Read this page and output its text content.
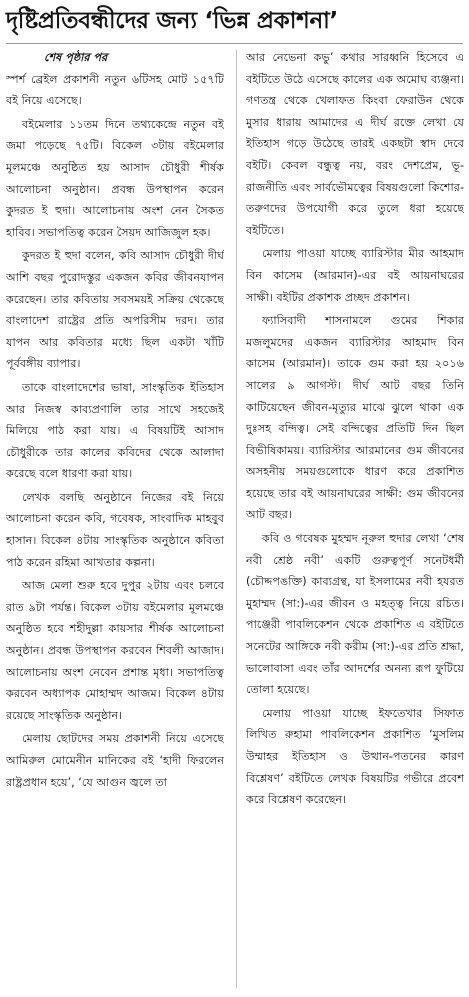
দৃষ্টিপ্রতিবন্ধীদের জন্য ‘ভিন্ন প্রকাশনা’
শেষ পৃষ্ঠার পর

স্পর্শ ব্রেইল প্রকাশনী নতুন ৬টিসহ মোট ১৫৭টি বই নিয়ে এসেছে।

বইমেলার ১১তম দিনে তথ্যকেন্দ্রে নতুন বই জমা পড়েছে ৭৫টি। বিকেল ৩টায় বইমেলার মূলমঞ্চে অনুষ্ঠিত হয় আসাদ চৌধুরী শীর্ষক আলোচনা অনুষ্ঠান। প্রবন্ধ উপস্থাপন করেন কুদরত ই হুদা। আলোচনায় অংশ নেন সৈকত হাবিব। সভাপতিত্ব করেন সৈয়দ আজিজুল হক।

কুদরত ই হুদা বলেন, কবি আসাদ চৌধুরী দীর্ঘ আশি বছর পুরোদস্তুর একজন কবির জীবনযাপন করেছেন। তার কবিতায় সবসময়ই সক্রিয় থেকেছে বাংলাদেশ রাষ্ট্রের প্রতি অপরিসীম দরদ। তার যাপন আর কবিতার মধ্যে ছিল একটা খাঁটি পূর্ববঙ্গীয় ব্যাপার।

তাকে বাংলাদেশের ভাষা, সাংস্কৃতিক ইতিহাস আর নিজস্ব কাব্যপ্রণালি তার সাথে সহজেই মিলিয়ে পাঠ করা যায়। এ বিষয়টিই আসাদ চৌধুরীকে তার কালের কবিদের থেকে আলাদা করেছে বলে ধারণা করা যায়।

লেখক বলছি অনুষ্ঠানে নিজের বই নিয়ে আলোচনা করেন কবি, গবেষক, সাংবাদিক মাহবুব হাসান। বিকেল ৪টায় সাংস্কৃতিক অনুষ্ঠানে কবিতা পাঠ করেন রহিমা আখতার কল্পনা।

আজ মেলা শুরু হবে দুপুর ২টায় এবং চলবে রাত ৯টা পর্যন্ত। বিকেল ৩টায় বইমেলার মূলমঞ্চে অনুষ্ঠিত হবে শহীদুল্লা কায়সার শীর্ষক আলোচনা অনুষ্ঠান। প্রবন্ধ উপস্থাপন করবেন শিবলী আজাদ। আলোচনায় অংশ নেবেন প্রশান্ত মৃধা। সভাপতিত্ব করবেন অধ্যাপক মোহাম্মদ আজম। বিকেল ৪টায় রয়েছে সাংস্কৃতিক অনুষ্ঠান।

মেলায় ছোটদের সময় প্রকাশনী নিয়ে এসেছে আমিরুল মোমেনীন মানিকের বই ‘হাদী ফিরলেন রাষ্ট্রপ্রধান হয়ে’, ‘যে আগুন জ্বলে তা

আর নেভেনা কভু’ কথার সারধ্বনি হিসেবে এ বইটিতে উঠে এসেছে কালের এক অমোঘ ব্যঞ্জনা। গণতন্ত্র থেকে খেলাফত কিংবা ফেরাউন থেকে মুসার ধারায় আমাদের এ দীর্ঘ রক্তে লেখা যে ইতিহাস গড়ে উঠেছে তারই একছটা স্বাদ দেবে বইটি। কেবল বন্ধুত্ব নয়, বরং দেশপ্রেম, ভূ-রাজনীতি এবং সার্বভৌমত্বের বিষয়গুলো কিশোর-তরুণদের উপযোগী করে তুলে ধরা হয়েছে বইটিতে।

মেলায় পাওয়া যাচ্ছে ব্যারিস্টার মীর আহমাদ বিন কাসেম (আরমান)-এর বই আয়নাঘরের সাক্ষী। বইটির প্রকাশক প্রচ্ছদ প্রকাশন।

ফ্যাসিবাদী শাসনামলে গুমের শিকার মজলুমদের একজন ব্যারিস্টার আহমাদ বিন কাসেম (আরমান)। তাকে গুম করা হয় ২০১৬ সালের ৯ আগস্ট। দীর্ঘ আট বছর তিনি কাটিয়েছেন জীবন-মৃত্যুর মাঝে ঝুলে থাকা এক দুঃসহ বন্দিত্ব। সেই বন্দিত্বের প্রতিটি দিন ছিল বিভীষিকাময়। ব্যারিস্টার আরমানের গুম জীবনের অসহনীয় সময়গুলোকে ধারণ করে প্রকাশিত হয়েছে তার বই আয়নাঘরের সাক্ষী: গুম জীবনের আট বছর।

কবি ও গবেষক মুহম্মদ নূরুল হুদার লেখা ‘শেষ নবী শ্রেষ্ঠ নবী’ একটি গুরুত্বপূর্ণ সনেটধর্মী (চৌদ্দপঙক্তি) কাব্যগ্রন্থ, যা ইসলামের নবী হযরত মুহাম্মদ (সা:)-এর জীবন ও মহত্ত্ব নিয়ে রচিত। পাঞ্জেরী পাবলিকেশন থেকে প্রকাশিত এ বইটিতে সনেটের আঙ্গিকে নবী করীম (সা:)-এর প্রতি শ্রদ্ধা, ভালোবাসা এবং তাঁর আদর্শের অনন্য রূপ ফুটিয়ে তোলা হয়েছে।

মেলায় পাওয়া যাচ্ছে ইফতেখার সিফাত লিখিত রুহামা পাবলিকেশন প্রকাশিত ‘মুসলিম উম্মাহর ইতিহাস ও উত্থান-পতনের কারণ বিশ্লেষণ’ বইটিতে লেখক বিষয়টির গভীরে প্রবেশ করে বিশ্লেষণ করেছেন।
